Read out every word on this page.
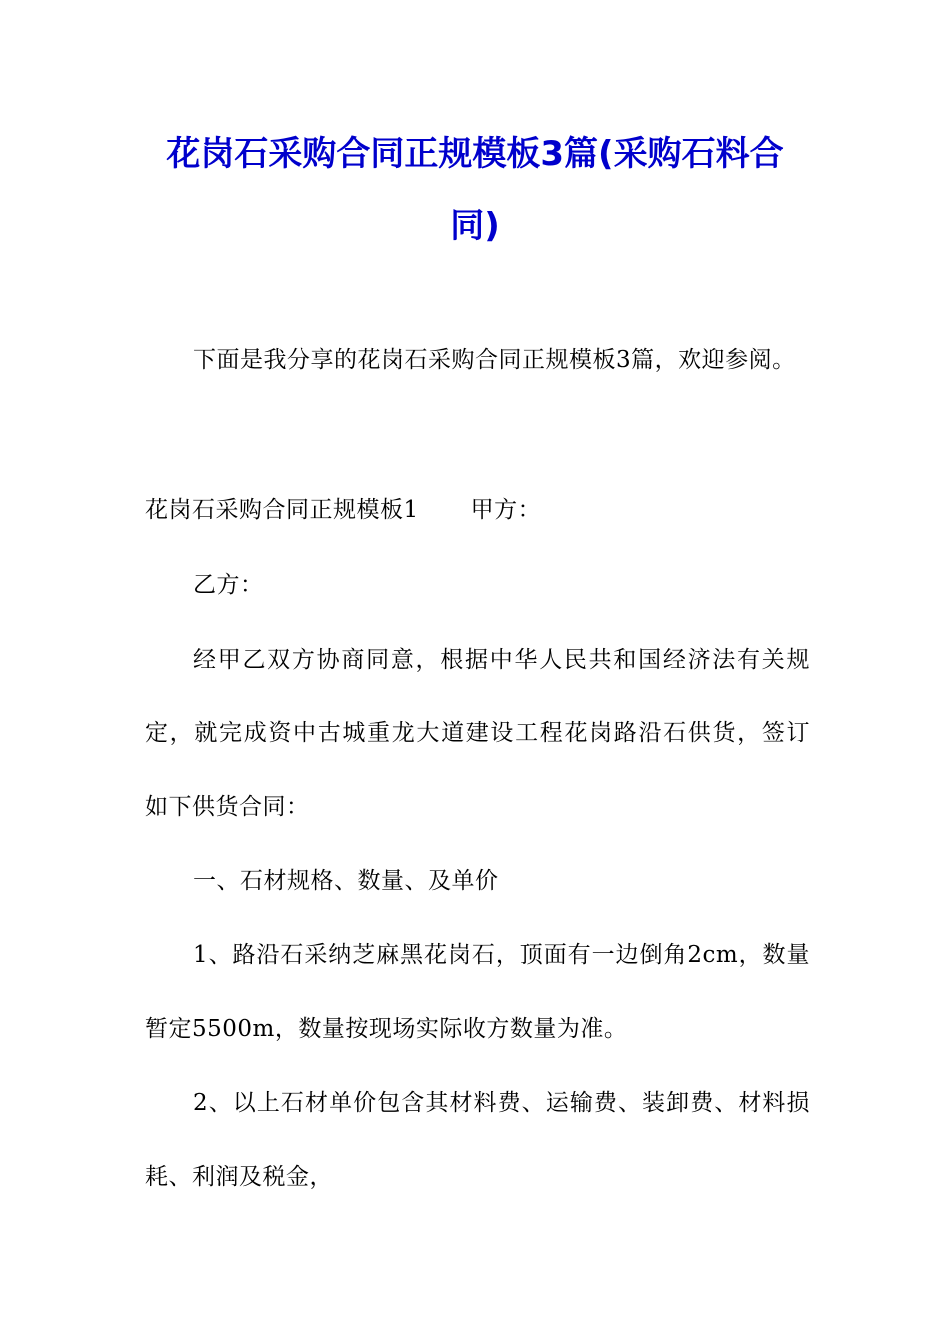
花岗石采购合同正规模板3篇(采购石料合
同)
下面是我分享的花岗石采购合同正规模板3篇，欢迎参阅。
花岗石采购合同正规模板1 甲方：
乙方：
经甲乙双方协商同意，根据中华人民共和国经济法有关规
定，就完成资中古城重龙大道建设工程花岗路沿石供货，签订
如下供货合同：
一、石材规格、数量、及单价
1、路沿石采纳芝麻黑花岗石，顶面有一边倒角2cm，数量
暂定5500m，数量按现场实际收方数量为准。
2、以上石材单价包含其材料费、运输费、装卸费、材料损
耗、利润及税金，
